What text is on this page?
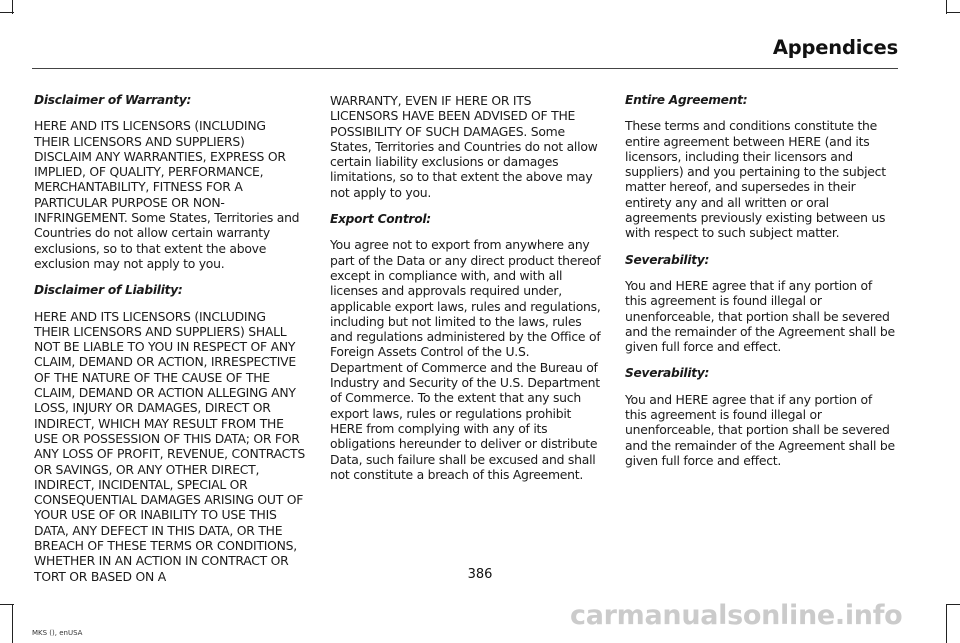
Appendices

Disclaimer of Warranty:

HERE AND ITS LICENSORS (INCLUDING THEIR LICENSORS AND SUPPLIERS) DISCLAIM ANY WARRANTIES, EXPRESS OR IMPLIED, OF QUALITY, PERFORMANCE, MERCHANTABILITY, FITNESS FOR A PARTICULAR PURPOSE OR NON-INFRINGEMENT. Some States, Territories and Countries do not allow certain warranty exclusions, so to that extent the above exclusion may not apply to you.

Disclaimer of Liability:

HERE AND ITS LICENSORS (INCLUDING THEIR LICENSORS AND SUPPLIERS) SHALL NOT BE LIABLE TO YOU IN RESPECT OF ANY CLAIM, DEMAND OR ACTION, IRRESPECTIVE OF THE NATURE OF THE CAUSE OF THE CLAIM, DEMAND OR ACTION ALLEGING ANY LOSS, INJURY OR DAMAGES, DIRECT OR INDIRECT, WHICH MAY RESULT FROM THE USE OR POSSESSION OF THIS DATA; OR FOR ANY LOSS OF PROFIT, REVENUE, CONTRACTS OR SAVINGS, OR ANY OTHER DIRECT, INDIRECT, INCIDENTAL, SPECIAL OR CONSEQUENTIAL DAMAGES ARISING OUT OF YOUR USE OF OR INABILITY TO USE THIS DATA, ANY DEFECT IN THIS DATA, OR THE BREACH OF THESE TERMS OR CONDITIONS, WHETHER IN AN ACTION IN CONTRACT OR TORT OR BASED ON A

WARRANTY, EVEN IF HERE OR ITS LICENSORS HAVE BEEN ADVISED OF THE POSSIBILITY OF SUCH DAMAGES. Some States, Territories and Countries do not allow certain liability exclusions or damages limitations, so to that extent the above may not apply to you.

Export Control:

You agree not to export from anywhere any part of the Data or any direct product thereof except in compliance with, and with all licenses and approvals required under, applicable export laws, rules and regulations, including but not limited to the laws, rules and regulations administered by the Office of Foreign Assets Control of the U.S. Department of Commerce and the Bureau of Industry and Security of the U.S. Department of Commerce. To the extent that any such export laws, rules or regulations prohibit HERE from complying with any of its obligations hereunder to deliver or distribute Data, such failure shall be excused and shall not constitute a breach of this Agreement.

Entire Agreement:

These terms and conditions constitute the entire agreement between HERE (and its licensors, including their licensors and suppliers) and you pertaining to the subject matter hereof, and supersedes in their entirety any and all written or oral agreements previously existing between us with respect to such subject matter.

Severability:

You and HERE agree that if any portion of this agreement is found illegal or unenforceable, that portion shall be severed and the remainder of the Agreement shall be given full force and effect.

Severability:

You and HERE agree that if any portion of this agreement is found illegal or unenforceable, that portion shall be severed and the remainder of the Agreement shall be given full force and effect.

386
MKS (), enUSA
carmanualsonline.info
